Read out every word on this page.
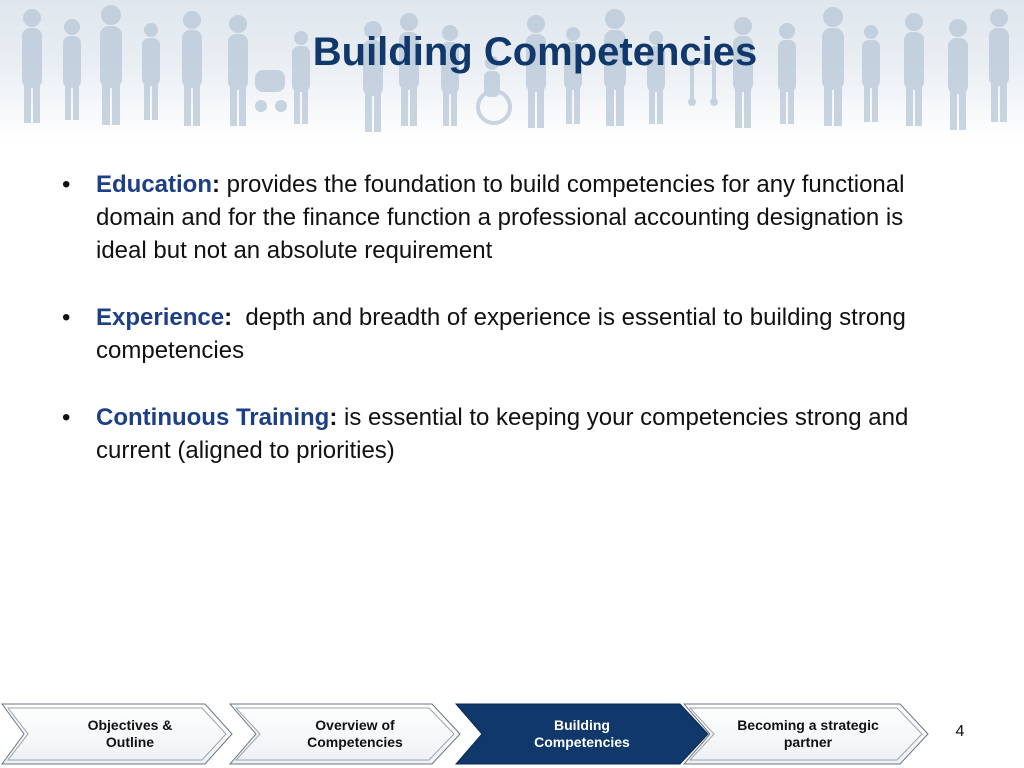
Building Competencies
• Education: provides the foundation to build competencies for any functional domain and for the finance function a professional accounting designation is ideal but not an absolute requirement
• Experience:  depth and breadth of experience is essential to building strong competencies
• Continuous Training: is essential to keeping your competencies strong and current (aligned to priorities)
Objectives &
Outline
Overview of
Competencies
Building
Competencies
Becoming a strategic
partner
4
